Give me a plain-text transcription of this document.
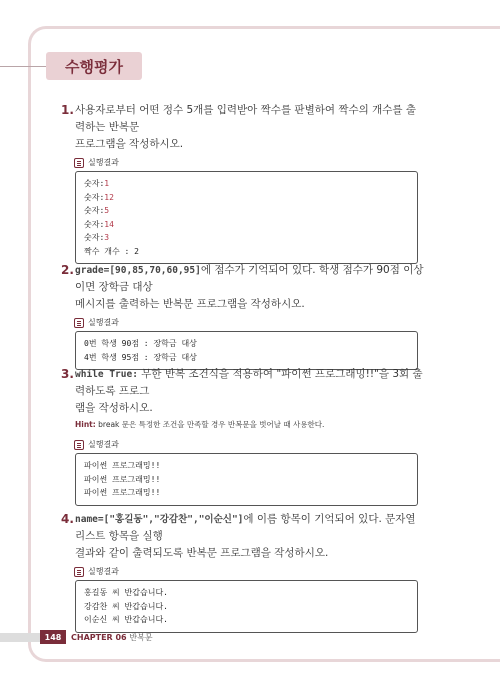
수행평가
1. 사용자로부터 어떤 정수 5개를 입력받아 짝수를 판별하여 짝수의 개수를 출력하는 반복문
프로그램을 작성하시오.
실행결과
숫자:1
숫자:12
숫자:5
숫자:14
숫자:3
짝수 개수 : 2
2. grade=[90,85,70,60,95]에 점수가 기억되어 있다. 학생 점수가 90점 이상이면 장학금 대상
메시지를 출력하는 반복문 프로그램을 작성하시오.
실행결과
0번 학생 90점 : 장학금 대상
4번 학생 95점 : 장학금 대상
3. while True: 무한 반복 조건식을 적용하여 "파이썬 프로그래밍!!"을 3회 출력하도록 프로그
램을 작성하시오.
Hint: break 문은 특정한 조건을 만족할 경우 반복문을 벗어날 때 사용한다.
실행결과
파이썬 프로그래밍!!
파이썬 프로그래밍!!
파이썬 프로그래밍!!
4. name=["홍길동","강감찬","이순신"]에 이름 항목이 기억되어 있다. 문자열 리스트 항목을 실행
결과와 같이 출력되도록 반복문 프로그램을 작성하시오.
실행결과
홍길동 씨 반갑습니다.
강감찬 씨 반갑습니다.
이순신 씨 반갑습니다.
148	CHAPTER 06 반복문
